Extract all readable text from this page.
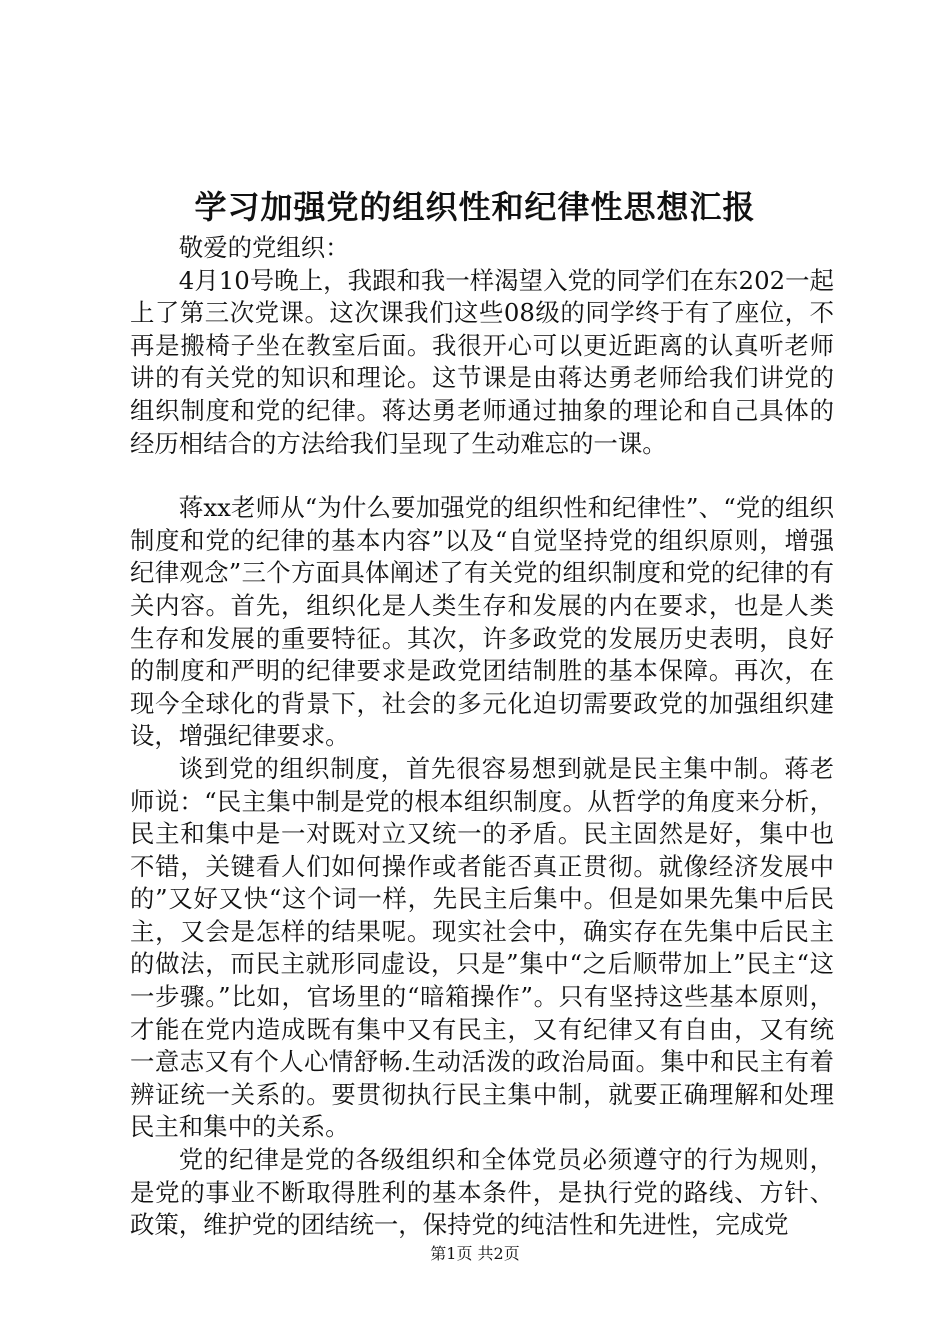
学习加强党的组织性和纪律性思想汇报

敬爱的党组织：

4月10号晚上，我跟和我一样渴望入党的同学们在东202一起上了第三次党课。这次课我们这些08级的同学终于有了座位，不再是搬椅子坐在教室后面。我很开心可以更近距离的认真听老师讲的有关党的知识和理论。这节课是由蒋达勇老师给我们讲党的组织制度和党的纪律。蒋达勇老师通过抽象的理论和自己具体的经历相结合的方法给我们呈现了生动难忘的一课。

蒋xx老师从“为什么要加强党的组织性和纪律性”、“党的组织制度和党的纪律的基本内容”以及“自觉坚持党的组织原则，增强纪律观念”三个方面具体阐述了有关党的组织制度和党的纪律的有关内容。首先，组织化是人类生存和发展的内在要求，也是人类生存和发展的重要特征。其次，许多政党的发展历史表明，良好的制度和严明的纪律要求是政党团结制胜的基本保障。再次，在现今全球化的背景下，社会的多元化迫切需要政党的加强组织建设，增强纪律要求。

谈到党的组织制度，首先很容易想到就是民主集中制。蒋老师说：“民主集中制是党的根本组织制度。从哲学的角度来分析，民主和集中是一对既对立又统一的矛盾。民主固然是好，集中也不错，关键看人们如何操作或者能否真正贯彻。就像经济发展中的”又好又快“这个词一样，先民主后集中。但是如果先集中后民主，又会是怎样的结果呢。现实社会中，确实存在先集中后民主的做法，而民主就形同虚设，只是”集中“之后顺带加上”民主“这一步骤。”比如，官场里的“暗箱操作”。只有坚持这些基本原则，才能在党内造成既有集中又有民主，又有纪律又有自由，又有统一意志又有个人心情舒畅.生动活泼的政治局面。集中和民主有着辨证统一关系的。要贯彻执行民主集中制，就要正确理解和处理民主和集中的关系。

党的纪律是党的各级组织和全体党员必须遵守的行为规则，是党的事业不断取得胜利的基本条件，是执行党的路线、方针、政策，维护党的团结统一，保持党的纯洁性和先进性，完成党

第1页 共2页
